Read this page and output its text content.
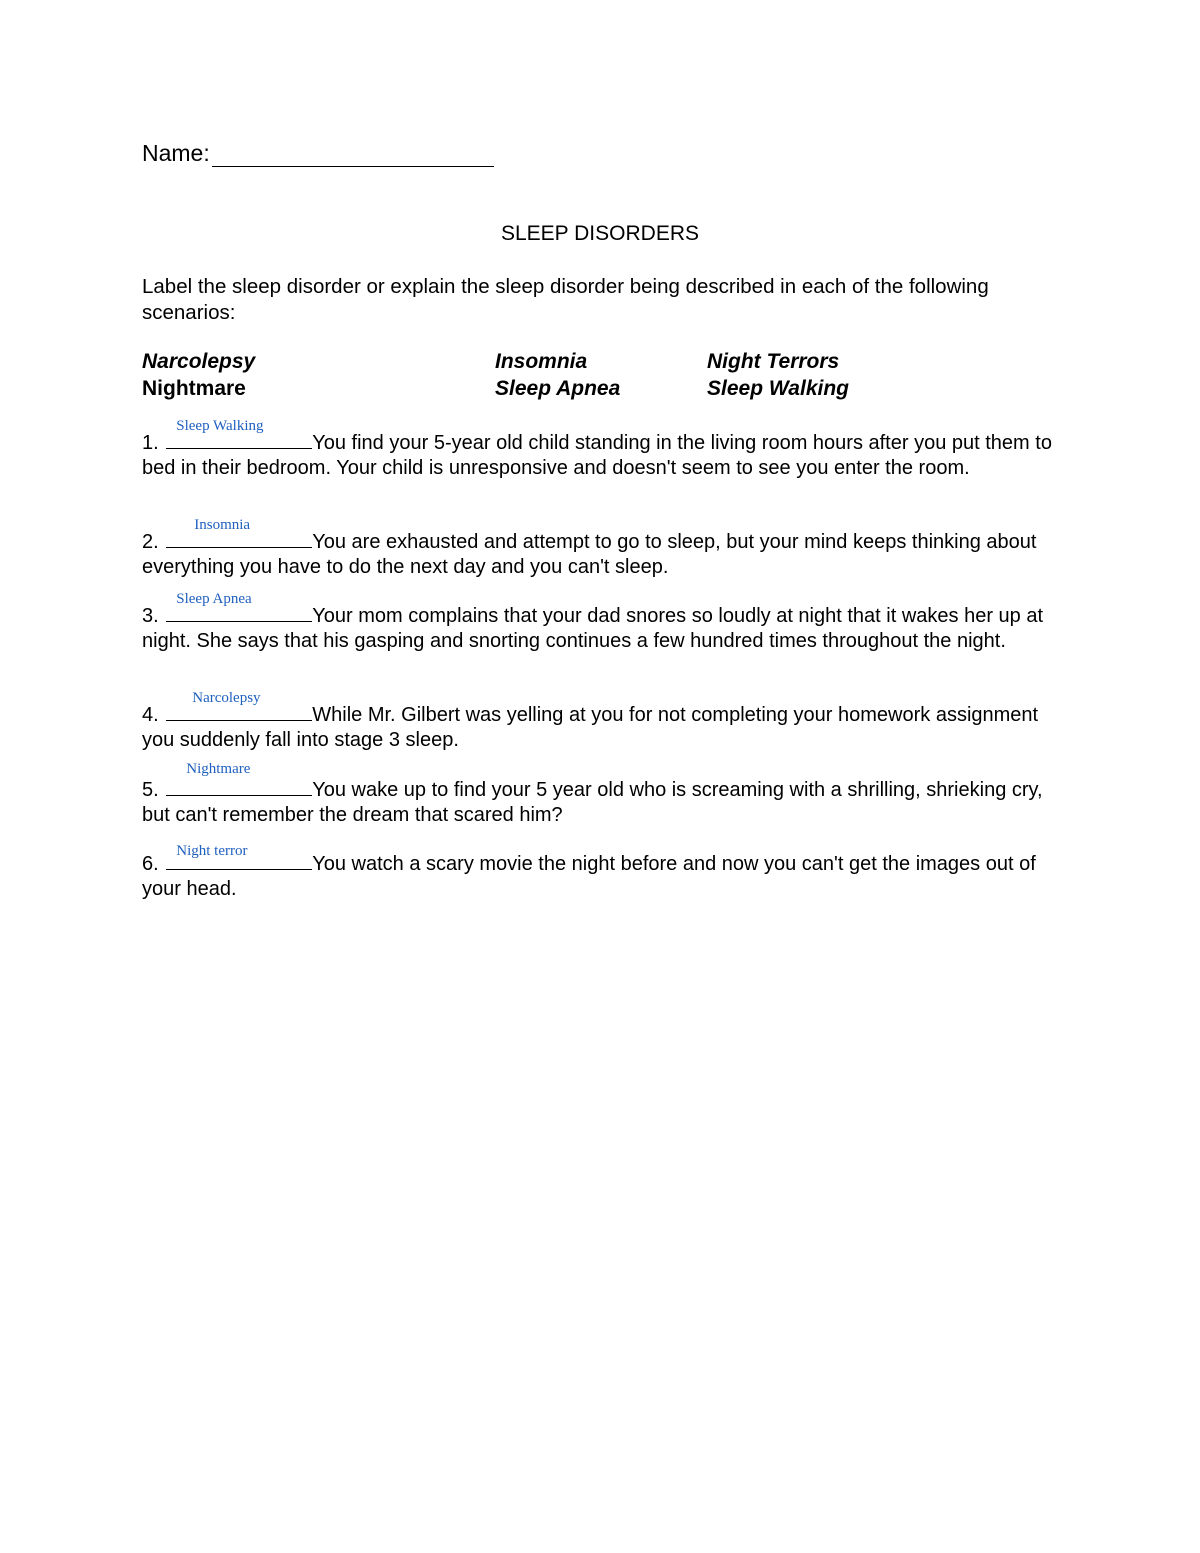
Name:
SLEEP DISORDERS
Label the sleep disorder or explain the sleep disorder being described in each of the following scenarios:
Narcolepsy	Insomnia	Night Terrors
Nightmare	Sleep Apnea	Sleep Walking
1.
Sleep Walking
You find your 5-year old child standing in the living room hours after you put them to bed in their bedroom. Your child is unresponsive and doesn't seem to see you enter the room.
2.
Insomnia
You are exhausted and attempt to go to sleep, but your mind keeps thinking about everything you have to do the next day and you can't sleep.
3.
Sleep Apnea
Your mom complains that your dad snores so loudly at night that it wakes her up at night. She says that his gasping and snorting continues a few hundred times throughout the night.
4.
Narcolepsy
While Mr. Gilbert was yelling at you for not completing your homework assignment you suddenly fall into stage 3 sleep.
5.
Nightmare
You wake up to find your 5 year old who is screaming with a shrilling, shrieking cry, but can't remember the dream that scared him?
6.
Night terror
You watch a scary movie the night before and now you can't get the images out of your head.
